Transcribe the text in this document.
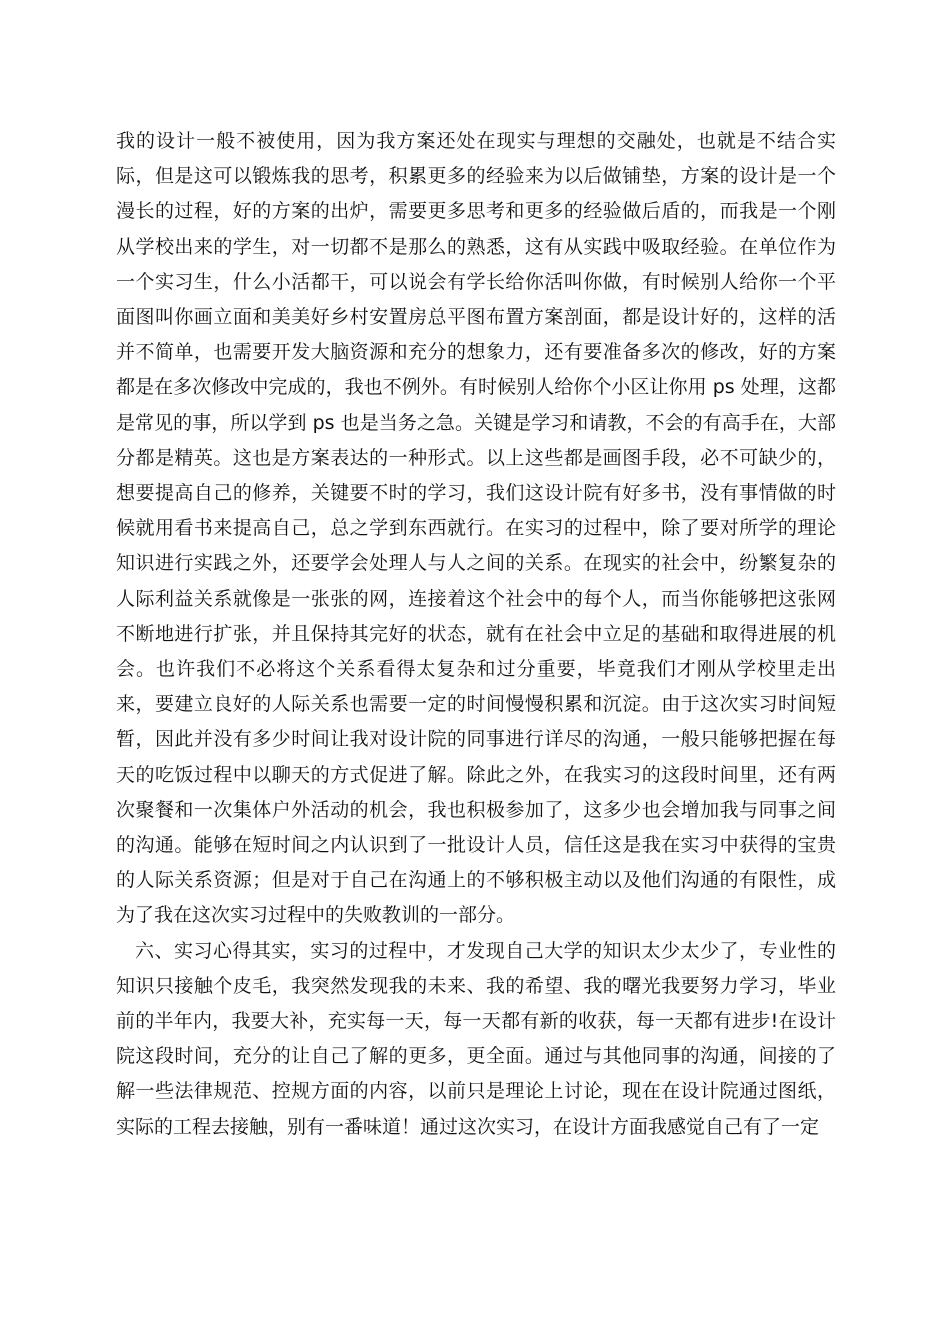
我的设计一般不被使用，因为我方案还处在现实与理想的交融处，也就是不结合实际，但是这可以锻炼我的思考，积累更多的经验来为以后做铺垫，方案的设计是一个漫长的过程，好的方案的出炉，需要更多思考和更多的经验做后盾的，而我是一个刚从学校出来的学生，对一切都不是那么的熟悉，这有从实践中吸取经验。在单位作为一个实习生，什么小活都干，可以说会有学长给你活叫你做，有时候别人给你一个平面图叫你画立面和美美好乡村安置房总平图布置方案剖面，都是设计好的，这样的活并不简单，也需要开发大脑资源和充分的想象力，还有要准备多次的修改，好的方案都是在多次修改中完成的，我也不例外。有时候别人给你个小区让你用 ps 处理，这都是常见的事，所以学到 ps 也是当务之急。关键是学习和请教，不会的有高手在，大部分都是精英。这也是方案表达的一种形式。以上这些都是画图手段，必不可缺少的，想要提高自己的修养，关键要不时的学习，我们这设计院有好多书，没有事情做的时候就用看书来提高自己，总之学到东西就行。在实习的过程中，除了要对所学的理论知识进行实践之外，还要学会处理人与人之间的关系。在现实的社会中，纷繁复杂的人际利益关系就像是一张张的网，连接着这个社会中的每个人，而当你能够把这张网不断地进行扩张，并且保持其完好的状态，就有在社会中立足的基础和取得进展的机会。也许我们不必将这个关系看得太复杂和过分重要，毕竟我们才刚从学校里走出来，要建立良好的人际关系也需要一定的时间慢慢积累和沉淀。由于这次实习时间短暂，因此并没有多少时间让我对设计院的同事进行详尽的沟通，一般只能够把握在每天的吃饭过程中以聊天的方式促进了解。除此之外，在我实习的这段时间里，还有两次聚餐和一次集体户外活动的机会，我也积极参加了，这多少也会增加我与同事之间的沟通。能够在短时间之内认识到了一批设计人员，信任这是我在实习中获得的宝贵的人际关系资源；但是对于自己在沟通上的不够积极主动以及他们沟通的有限性，成为了我在这次实习过程中的失败教训的一部分。

六、实习心得其实，实习的过程中，才发现自己大学的知识太少太少了，专业性的知识只接触个皮毛，我突然发现我的未来、我的希望、我的曙光我要努力学习，毕业前的半年内，我要大补，充实每一天，每一天都有新的收获，每一天都有进步!在设计院这段时间，充分的让自己了解的更多，更全面。通过与其他同事的沟通，间接的了解一些法律规范、控规方面的内容，以前只是理论上讨论，现在在设计院通过图纸，实际的工程去接触，别有一番味道！通过这次实习，在设计方面我感觉自己有了一定
